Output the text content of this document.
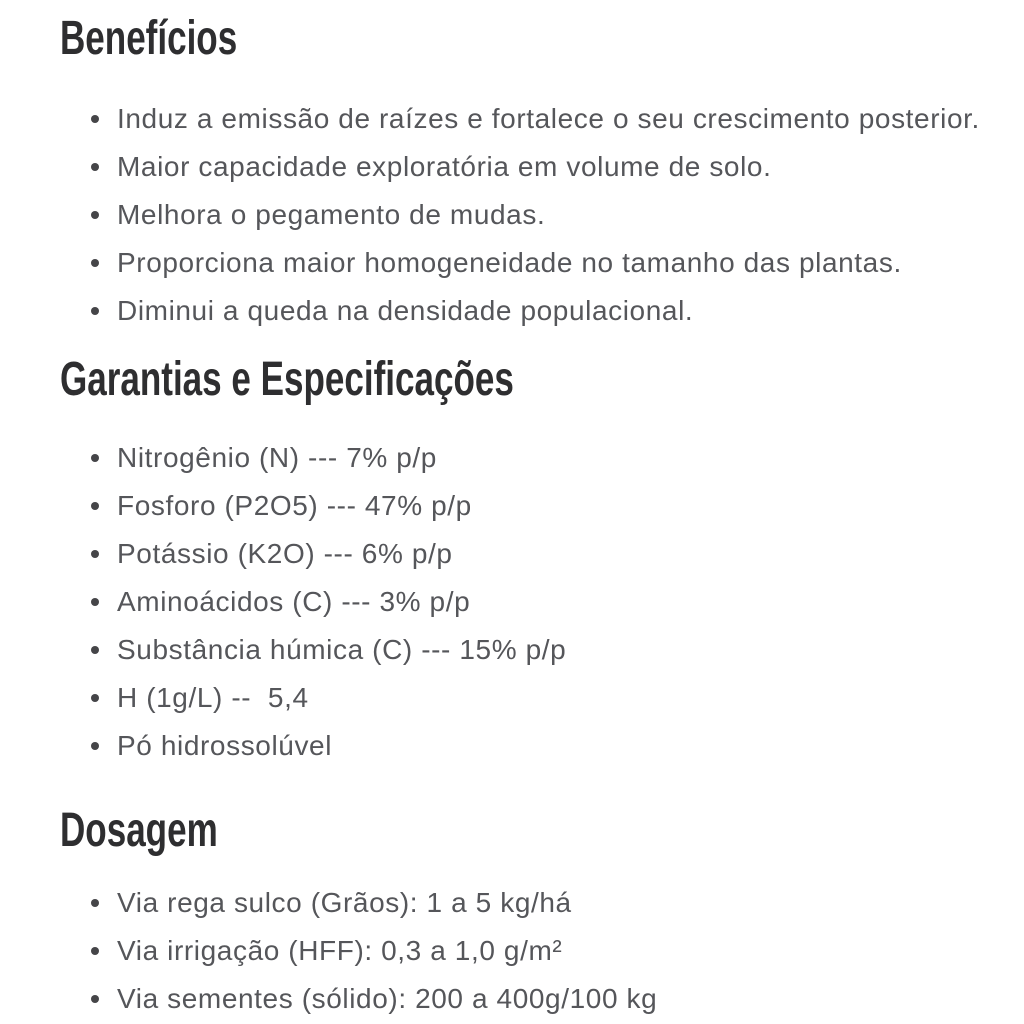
Benefícios
Induz a emissão de raízes e fortalece o seu crescimento posterior.
Maior capacidade exploratória em volume de solo.
Melhora o pegamento de mudas.
Proporciona maior homogeneidade no tamanho das plantas.
Diminui a queda na densidade populacional.
Garantias e Especificações
Nitrogênio (N) --- 7% p/p
Fosforo (P2O5) --- 47% p/p
Potássio (K2O) --- 6% p/p
Aminoácidos (C) --- 3% p/p
Substância húmica (C) --- 15% p/p
H (1g/L) --  5,4
Pó hidrossolúvel
Dosagem
Via rega sulco (Grãos): 1 a 5 kg/há
Via irrigação (HFF): 0,3 a 1,0 g/m²
Via sementes (sólido): 200 a 400g/100 kg
